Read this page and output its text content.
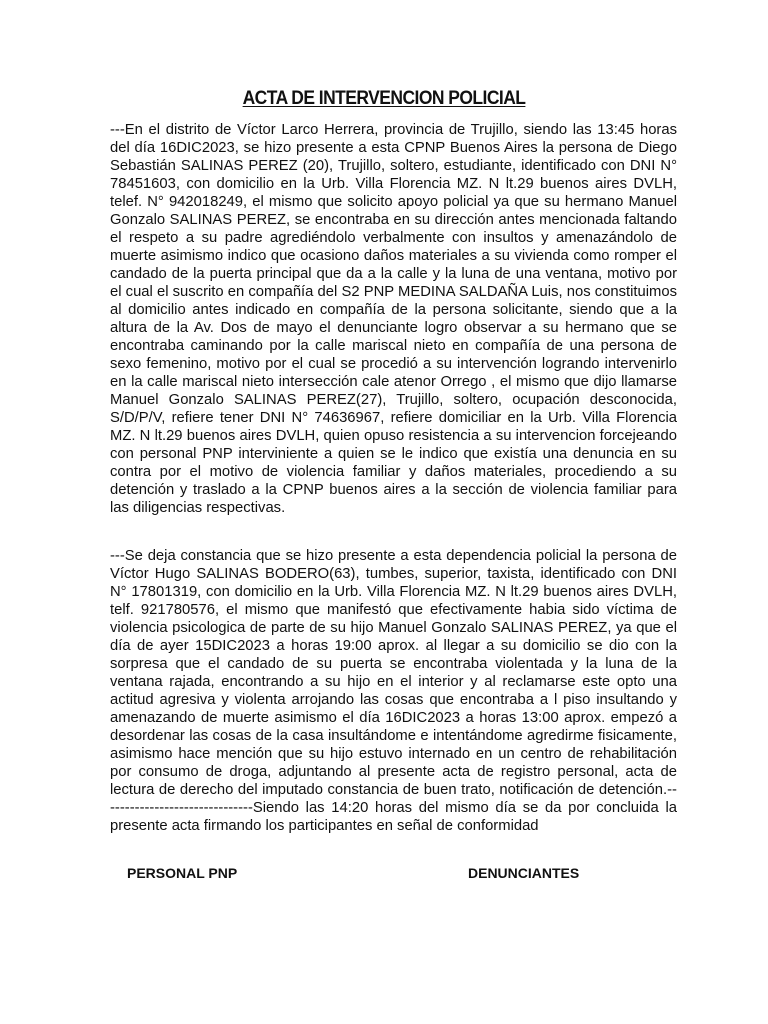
ACTA DE INTERVENCION POLICIAL

---En el distrito de Víctor Larco Herrera, provincia de Trujillo, siendo las 13:45 horas del día 16DIC2023, se hizo presente a esta CPNP Buenos Aires la persona de Diego Sebastián SALINAS PEREZ (20), Trujillo, soltero, estudiante, identificado con DNI N° 78451603, con domicilio en la Urb. Villa Florencia MZ. N lt.29 buenos aires DVLH, telef. N° 942018249, el mismo que solicito apoyo policial ya que su hermano Manuel Gonzalo SALINAS PEREZ, se encontraba en su dirección antes mencionada faltando el respeto a su padre agrediéndolo verbalmente con insultos y amenazándolo de muerte asimismo indico que ocasiono daños materiales a su vivienda como romper el candado de la puerta principal que da a la calle y la luna de una ventana, motivo por el cual el suscrito en compañía del S2 PNP MEDINA SALDAÑA Luis, nos constituimos al domicilio antes indicado en compañía de la persona solicitante, siendo que a la altura de la Av. Dos de mayo el denunciante logro observar a su hermano que se encontraba caminando por la calle mariscal nieto en compañía de una persona de sexo femenino, motivo por el cual se procedió a su intervención logrando intervenirlo en la calle mariscal nieto intersección cale atenor Orrego , el mismo que dijo llamarse Manuel Gonzalo SALINAS PEREZ(27), Trujillo, soltero, ocupación desconocida, S/D/P/V, refiere tener DNI N° 74636967, refiere domiciliar en la Urb. Villa Florencia MZ. N lt.29 buenos aires DVLH, quien opuso resistencia a su intervencion forcejeando con personal PNP interviniente a quien se le indico que existía una denuncia en su contra por el motivo de violencia familiar y daños materiales, procediendo a su detención y traslado a la CPNP buenos aires a la sección de violencia familiar para las diligencias respectivas.

---Se deja constancia que se hizo presente a esta dependencia policial la persona de Víctor Hugo SALINAS BODERO(63), tumbes, superior, taxista, identificado con DNI N° 17801319, con domicilio en la Urb. Villa Florencia MZ. N lt.29 buenos aires DVLH, telf. 921780576, el mismo que manifestó que efectivamente habia sido víctima de violencia psicologica de parte de su hijo Manuel Gonzalo SALINAS PEREZ, ya que el día de ayer 15DIC2023 a horas 19:00 aprox. al llegar a su domicilio se dio con la sorpresa que el candado de su puerta se encontraba violentada y la luna de la ventana rajada, encontrando a su hijo en el interior y al reclamarse este opto una actitud agresiva y violenta arrojando las cosas que encontraba a l piso insultando y amenazando de muerte asimismo el día 16DIC2023 a horas 13:00 aprox. empezó a desordenar las cosas de la casa insultándome e intentándome agredirme fisicamente, asimismo hace mención que su hijo estuvo internado en un centro de rehabilitación por consumo de droga, adjuntando al presente acta de registro personal, acta de lectura de derecho del imputado constancia de buen trato, notificación de detención.-------------------------------Siendo las 14:20 horas del mismo día se da por concluida la presente acta firmando los participantes en señal de conformidad

PERSONAL PNP	DENUNCIANTES
